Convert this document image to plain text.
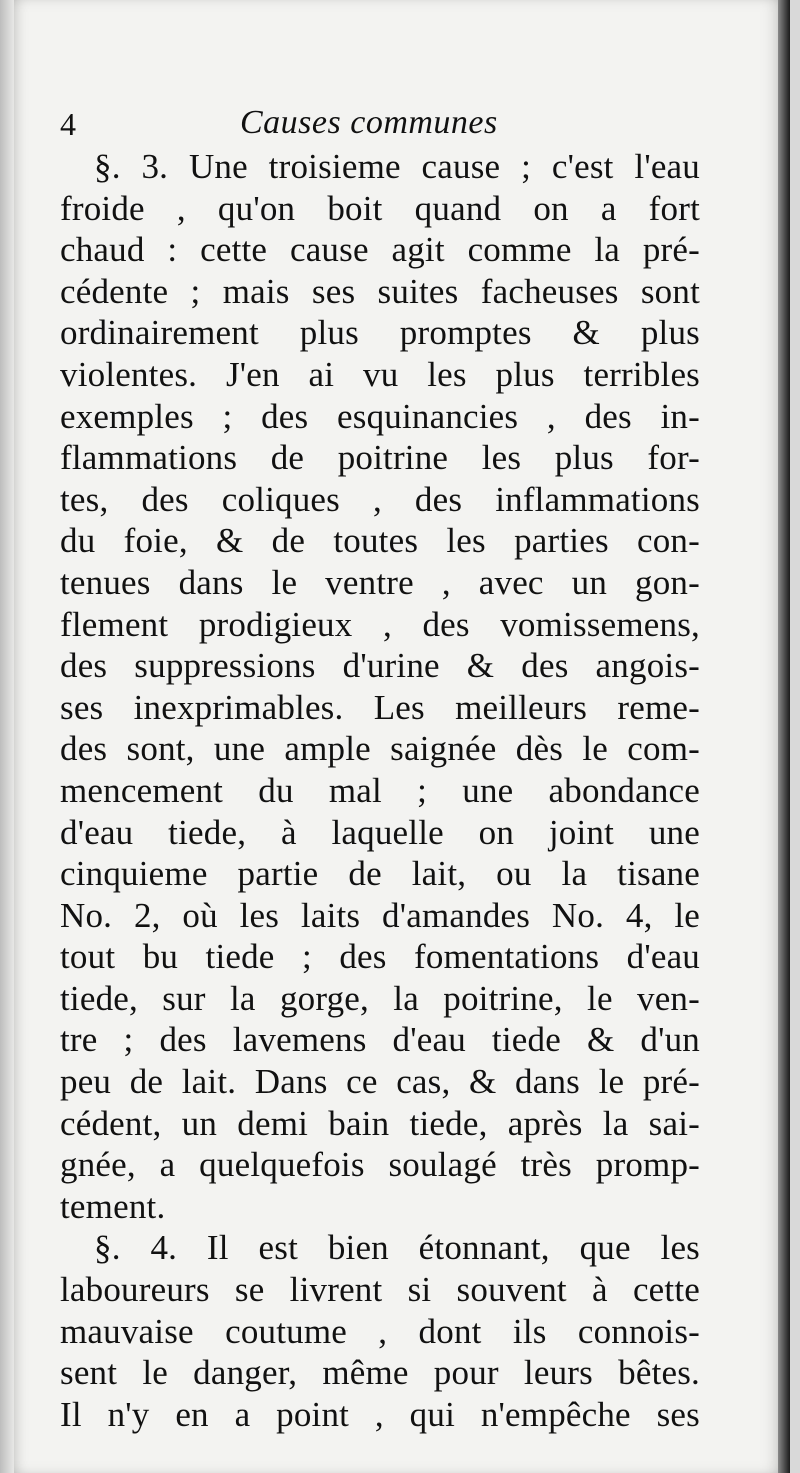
4	Causes communes
§. 3. Une troisieme cause ; c'est l'eau
froide , qu'on boit quand on a fort
chaud : cette cause agit comme la pré-
cédente ; mais ses suites facheuses sont
ordinairement plus promptes & plus
violentes. J'en ai vu les plus terribles
exemples ; des esquinancies , des in-
flammations de poitrine les plus for-
tes, des coliques , des inflammations
du foie, & de toutes les parties con-
tenues dans le ventre , avec un gon-
flement prodigieux , des vomissemens,
des suppressions d'urine & des angois-
ses inexprimables. Les meilleurs reme-
des sont, une ample saignée dès le com-
mencement du mal ; une abondance
d'eau tiede, à laquelle on joint une
cinquieme partie de lait, ou la tisane
No. 2, où les laits d'amandes No. 4, le
tout bu tiede ; des fomentations d'eau
tiede, sur la gorge, la poitrine, le ven-
tre ; des lavemens d'eau tiede & d'un
peu de lait. Dans ce cas, & dans le pré-
cédent, un demi bain tiede, après la sai-
gnée, a quelquefois soulagé très promp-
tement.
§. 4. Il est bien étonnant, que les
laboureurs se livrent si souvent à cette
mauvaise coutume , dont ils connois-
sent le danger, même pour leurs bêtes.
Il n'y en a point , qui n'empêche ses
